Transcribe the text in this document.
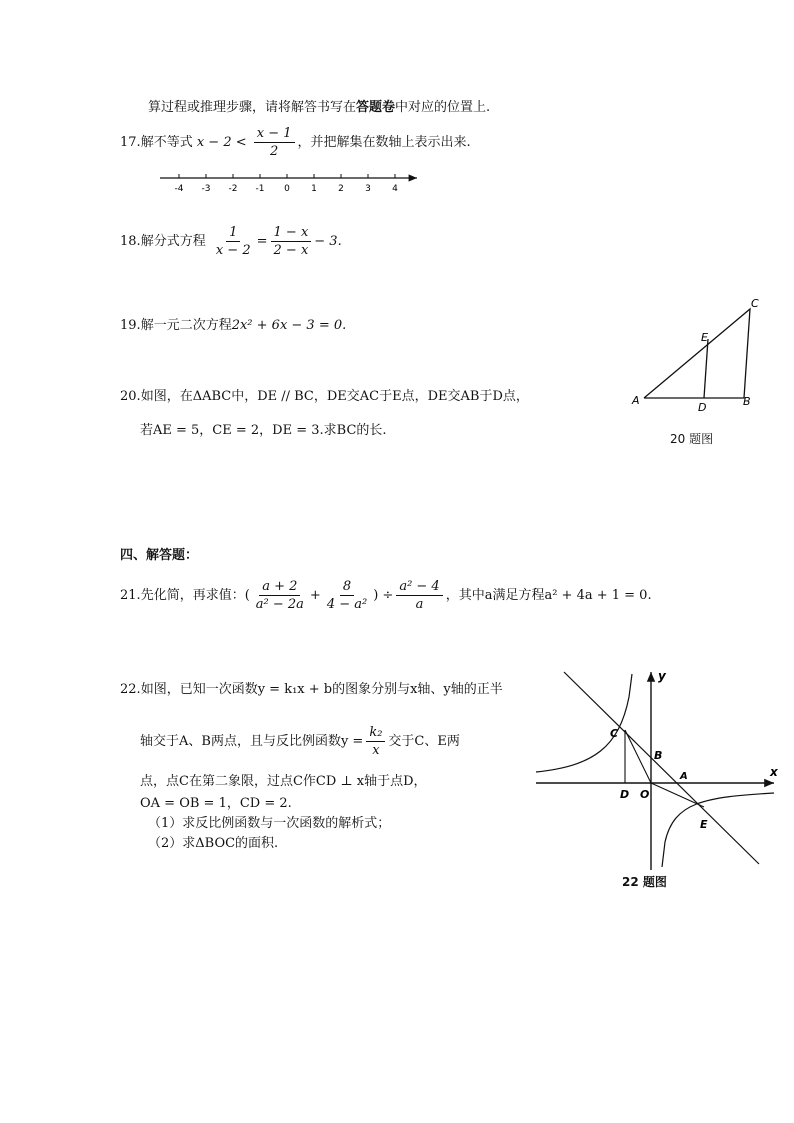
算过程或推理步骤，请将解答书写在答题卷中对应的位置上.
17.解不等式 $x - 2 < \frac{x - 1}{2}$ ，并把解集在数轴上表示出来.
-4 -3 -2 -1 0 1 2 3 4
18.解分式方程 $\frac{1}{x - 2} = \frac{1 - x}{2 - x} - 3$.
19.解一元二次方程2x² + 6x − 3 = 0.
C
E
A
D	B
20 题图
20.如图，在ΔABC中，DE // BC，DE交AC于E点，DE交AB于D点，
若AE = 5，CE = 2，DE = 3.求BC的长.
四、解答题：
21.先化简，再求值：( $\frac{a + 2}{\text{a² − 2a}} + \frac{8}{\text{4 − a²}}$ ) ÷ $\frac{\text{a² − 4}}{a}$ ，其中a满足方程a² + 4a + 1 = 0.
22.如图，已知一次函数y = k₁x + b的图象分别与x轴、y轴的正半
轴交于A、B两点，且与反比例函数$y = \frac{\text{k₂}}{x}$ 交于C、E两
点，点C在第二象限，过点C作CD ⊥ x轴于点D，
OA = OB = 1，CD = 2.
（1）求反比例函数与一次函数的解析式；
（2）求ΔBOC的面积.
C
B
A
D O
E
x
y
22 题图
